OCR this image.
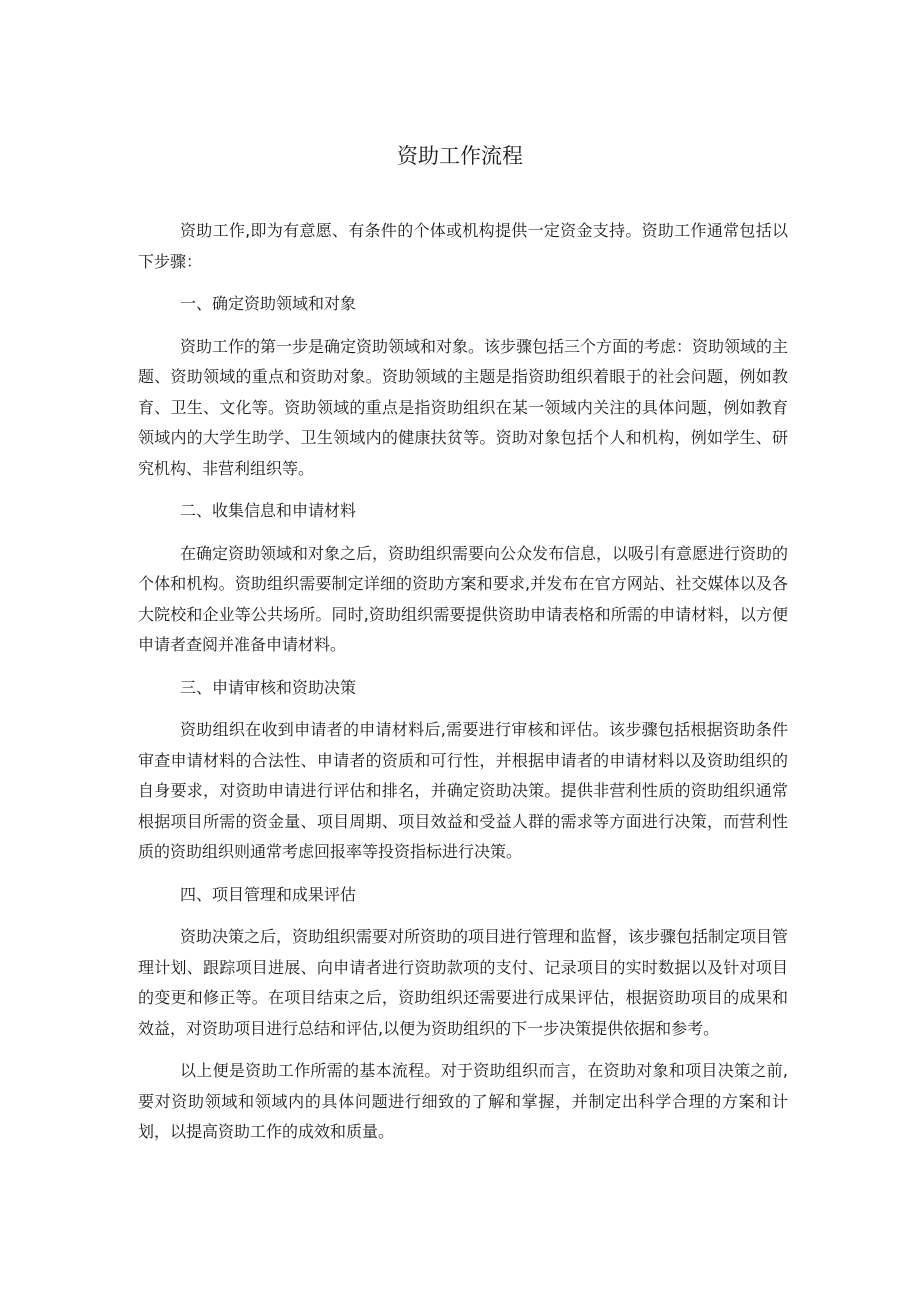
资助工作流程

资助工作,即为有意愿、有条件的个体或机构提供一定资金支持。资助工作通常包括以下步骤：

一、确定资助领域和对象

资助工作的第一步是确定资助领域和对象。该步骤包括三个方面的考虑：资助领域的主题、资助领域的重点和资助对象。资助领域的主题是指资助组织着眼于的社会问题，例如教育、卫生、文化等。资助领域的重点是指资助组织在某一领域内关注的具体问题，例如教育领域内的大学生助学、卫生领域内的健康扶贫等。资助对象包括个人和机构，例如学生、研究机构、非营利组织等。

二、收集信息和申请材料

在确定资助领域和对象之后，资助组织需要向公众发布信息，以吸引有意愿进行资助的个体和机构。资助组织需要制定详细的资助方案和要求,并发布在官方网站、社交媒体以及各大院校和企业等公共场所。同时,资助组织需要提供资助申请表格和所需的申请材料，以方便申请者查阅并准备申请材料。

三、申请审核和资助决策

资助组织在收到申请者的申请材料后,需要进行审核和评估。该步骤包括根据资助条件审查申请材料的合法性、申请者的资质和可行性，并根据申请者的申请材料以及资助组织的自身要求，对资助申请进行评估和排名，并确定资助决策。提供非营利性质的资助组织通常根据项目所需的资金量、项目周期、项目效益和受益人群的需求等方面进行决策，而营利性质的资助组织则通常考虑回报率等投资指标进行决策。

四、项目管理和成果评估

资助决策之后，资助组织需要对所资助的项目进行管理和监督，该步骤包括制定项目管理计划、跟踪项目进展、向申请者进行资助款项的支付、记录项目的实时数据以及针对项目的变更和修正等。在项目结束之后，资助组织还需要进行成果评估，根据资助项目的成果和效益，对资助项目进行总结和评估,以便为资助组织的下一步决策提供依据和参考。

以上便是资助工作所需的基本流程。对于资助组织而言，在资助对象和项目决策之前,要对资助领域和领域内的具体问题进行细致的了解和掌握，并制定出科学合理的方案和计划，以提高资助工作的成效和质量。
